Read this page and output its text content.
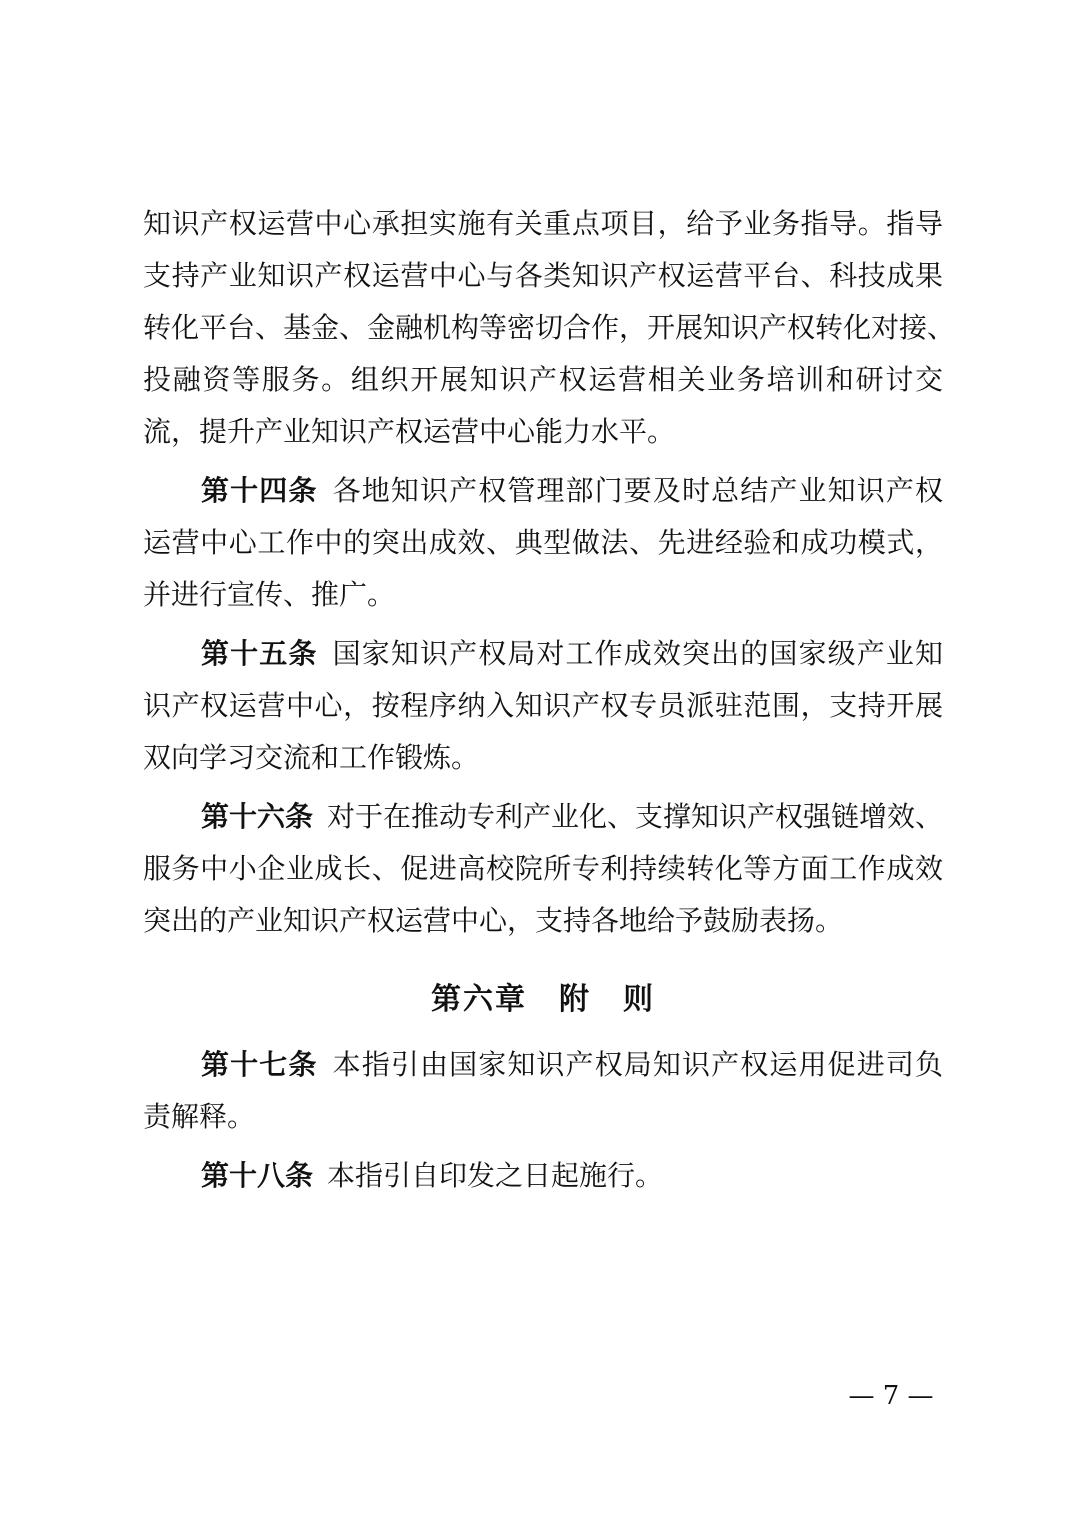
知识产权运营中心承担实施有关重点项目，给予业务指导。指导
支持产业知识产权运营中心与各类知识产权运营平台、科技成果
转化平台、基金、金融机构等密切合作，开展知识产权转化对接、
投融资等服务。组织开展知识产权运营相关业务培训和研讨交
流，提升产业知识产权运营中心能力水平。
第十四条  各地知识产权管理部门要及时总结产业知识产权
运营中心工作中的突出成效、典型做法、先进经验和成功模式，
并进行宣传、推广。
第十五条  国家知识产权局对工作成效突出的国家级产业知
识产权运营中心，按程序纳入知识产权专员派驻范围，支持开展
双向学习交流和工作锻炼。
第十六条  对于在推动专利产业化、支撑知识产权强链增效、
服务中小企业成长、促进高校院所专利持续转化等方面工作成效
突出的产业知识产权运营中心，支持各地给予鼓励表扬。
第六章　附　则
第十七条  本指引由国家知识产权局知识产权运用促进司负
责解释。
第十八条  本指引自印发之日起施行。
— 7 —
